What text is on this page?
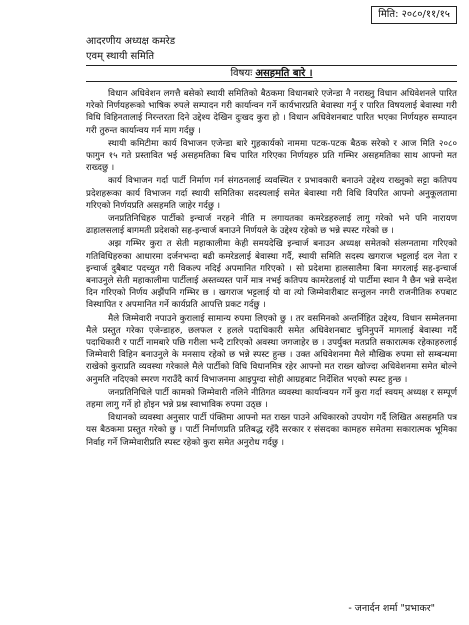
मिति: २०८०/११/१५
आदरणीय अध्यक्ष कमरेड
एवम् स्थायी समिति
विषयः असहमति बारे ।

विधान अधिवेशन लगत्तै बसेको स्थायी समितिको बैठकमा विधानबारे एजेन्डा नै नराख्नु विधान अधिवेशनले पारित गरेको निर्णयहरूको भाषिक रुपले सम्पादन गरी कार्यान्वन गर्ने कार्यभारप्रति बेवास्था गर्नु र पारित विषयलाई बेवास्था गरी विधि विहिनतालाई निरन्तरता दिने उद्देश्य देखिन दुःखद कुरा हो । विधान अधिवेशनबाट पारित भएका निर्णयहरु सम्पादन गरी तुरुन्त कार्यान्वय गर्न माग गर्दछु ।

स्थायी कमिटीमा कार्य विभाजन एजेन्डा बारे गुहकार्यको नाममा पटक-पटक बैठक सरेको र आज मिति २०८० फागुन १५ गते प्रस्तावित भई असहमतिका बिच पारित गरिएका निर्णयहरु प्रति गम्भिर असहमतिका साथ आफ्नो मत राख्दछु ।

कार्य विभाजन गर्दा पार्टी निर्माण गर्न संगठनलाई व्यवस्थित र प्रभावकारी बनाउने उद्देश्य राख्नुको सट्टा कतिपय प्रदेशहरूका कार्य विभाजन गर्दा स्थायी समितिका सदस्यलाई समेत बेवास्था गरी विधि विपरित आफ्नो अनुकूलतामा गरिएको निर्णयप्रति असहमति जाहेर गर्दछु ।

जनप्रतिनिधिहरु पार्टीको इन्चार्ज नरहने नीति म लगायतका कमरेडहरुलाई लागु गरेको भने पनि नारायण ढाहालसलाई बागमती प्रदेशको सह-इन्चार्ज बनाउने निर्णयले के उद्देश्य रहेको छ भन्ने स्पस्ट गरेको छ ।

अझ गम्भिर कुरा त सेती महाकालीमा केही समयदेखि इन्चार्ज बनाउन अध्यक्ष समेतको संलग्नतामा गरिएको गतिविधिहरुका आधारमा दर्जनभन्दा बढी कमरेडलाई बेवास्था गर्दै, स्थायी समिति सदस्य खगराज भट्टलाई दल नेता र इन्चार्ज दुबैबाट पदच्युत गरी विकल्प नदिई अपमानित गरिएको । सो प्रदेशमा हालसालैमा बिना मगरलाई सह-इन्चार्ज बनाउनुले सेती महाकालीमा पार्टीलाई अस्तव्यस्त पार्ने मात्र नभई कतिपय कामरेडलाई यो पार्टीमा स्थान नै छैन भन्ने सन्देश दिन गरिएको निर्णय अझैंपनि गम्भिर छ । खगराज भट्टलाई यो वा त्यो जिम्मेवारीबाट सन्तुलन नगरी राजनीतिक रुपबाट विस्थापित र अपमानित गर्ने कार्यप्रति आपत्ति प्रकट गर्दछु ।

मैले जिम्मेवारी नपाउने कुरालाई सामान्य रुपमा लिएको छु । तर वसमिनको अन्तर्निहित उद्देश्य, विधान सम्मेलनमा मैले प्रस्तुत गरेका एजेन्डाहरु, छलफल र हलले पदाधिकारी समेत अधिवेशनबाट चुनिनुपर्ने मागलाई बेवास्था गर्दै पदाधिकारी र पार्टी नामबारे पछि गरीला भन्दै टारिएको अवस्था जगजाहेर छ । उपर्युक्त मतप्रति सकारात्मक रहेकाहरुलाई जिम्मेवारी विहिन बनाउनुले के मनसाय रहेको छ भन्ने स्पस्ट हुन्छ । उक्त अधिवेशनमा मैले मौखिक रुपमा सो सम्बन्धमा राखेको कुराप्रति व्यवस्था गरेकाले मैले पार्टीको विधि विधानमित्र रहेर आफ्नो मत राख्न खोज्दा अधिवेशनमा समेत बोल्ने अनुमति नदिएको स्मरण गराउँदै कार्य विभाजनमा आइपुग्दा सोही आग्रहबाट निर्देशित भएको स्पस्ट हुन्छ ।

जनप्रतिनिधिले पार्टी कामको जिम्मेवारी नलिने नीतिगत व्यवस्था कार्यान्वयन गर्ने कुरा गर्दा स्वयम् अध्यक्ष र सम्पूर्ण तहमा लागु गर्ने हो होइन भन्ने प्रश्न स्वाभाविक रुपमा उठ्छ ।

विधानको व्यवस्था अनुसार पार्टी पंक्तिमा आफ्नो मत राख्न पाउने अधिकारको उपयोग गर्दै लिखित असहमति पत्र यस बैठकमा प्रस्तुत गरेको छु । पार्टी निर्माणप्रति प्रतिबद्ध रहँदै सरकार र संसदका कामहरु समेतमा सकारात्मक भूमिका निर्वाह गर्ने जिम्मेवारीप्रति स्पस्ट रहेको कुरा समेत अनुरोध गर्दछु ।

- जनार्दन शर्मा "प्रभाकर"
